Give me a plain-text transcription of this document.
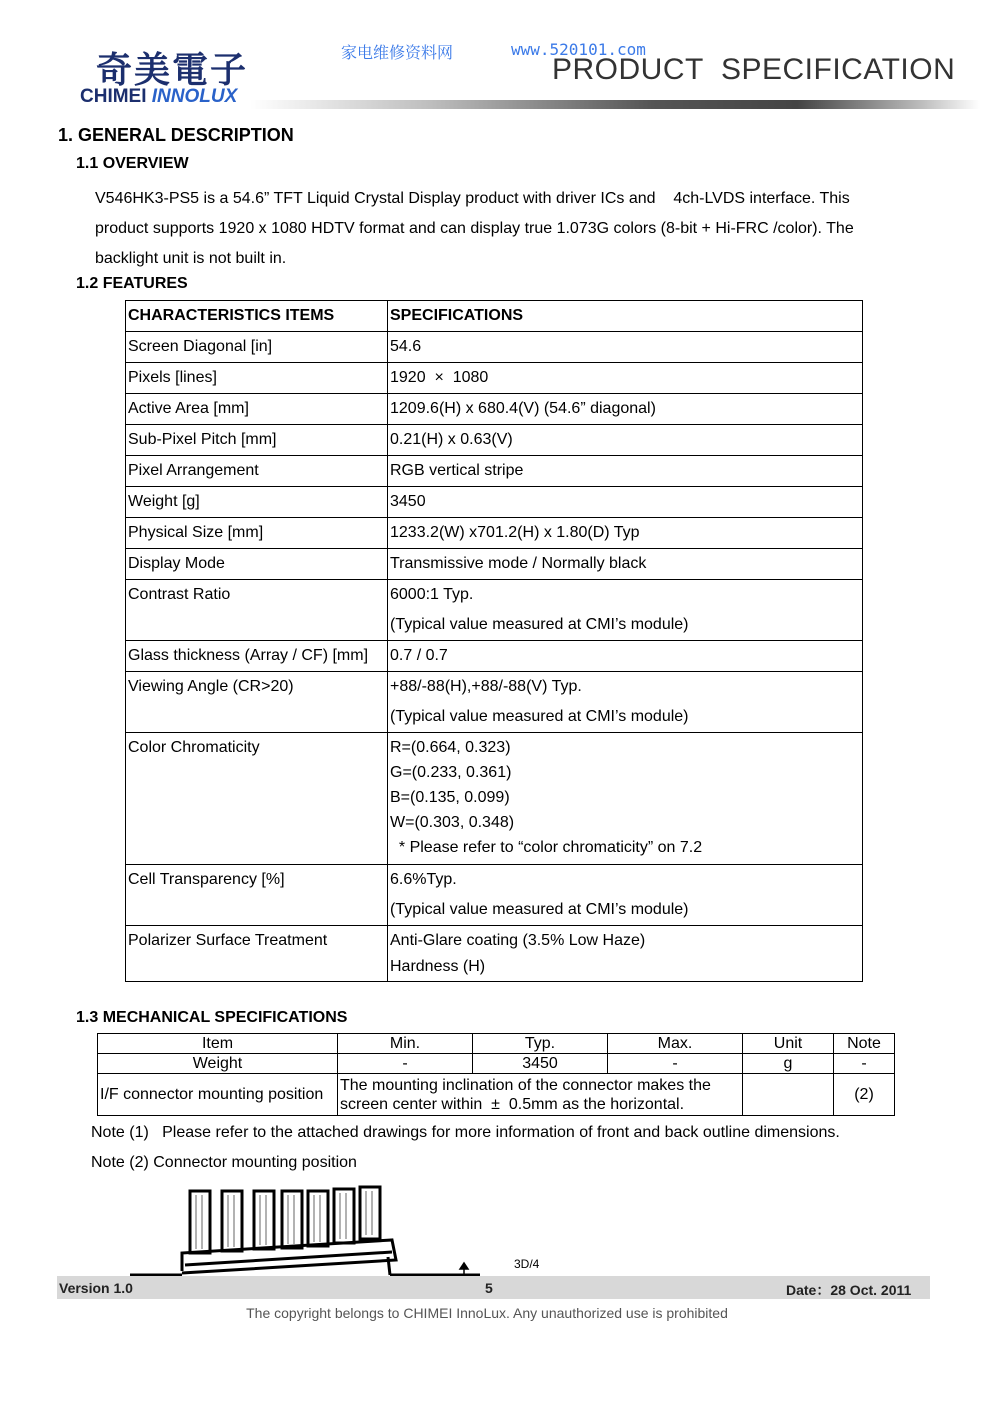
奇美電子
CHIMEI INNOLUX
家电维修资料网	www.520101.com
PRODUCT  SPECIFICATION
1. GENERAL DESCRIPTION
1.1 OVERVIEW
V546HK3-PS5 is a 54.6” TFT Liquid Crystal Display product with driver ICs and    4ch-LVDS interface. This
product supports 1920 x 1080 HDTV format and can display true 1.073G colors (8-bit + Hi-FRC /color). The
backlight unit is not built in.
1.2 FEATURES
CHARACTERISTICS ITEMS	SPECIFICATIONS
Screen Diagonal [in]	54.6
Pixels [lines]	1920  ×  1080
Active Area [mm]	1209.6(H) x 680.4(V) (54.6” diagonal)
Sub-Pixel Pitch [mm]	0.21(H) x 0.63(V)
Pixel Arrangement	RGB vertical stripe
Weight [g]	3450
Physical Size [mm]	1233.2(W) x701.2(H) x 1.80(D) Typ
Display Mode	Transmissive mode / Normally black
Contrast Ratio	6000:1 Typ.
(Typical value measured at CMI’s module)

Glass thickness (Array / CF) [mm]	0.7 / 0.7
Viewing Angle (CR>20)	+88/-88(H),+88/-88(V) Typ.
(Typical value measured at CMI’s module)

Color Chromaticity	R=(0.664, 0.323)
G=(0.233, 0.361)
B=(0.135, 0.099)
W=(0.303, 0.348)
* Please refer to “color chromaticity” on 7.2

Cell Transparency [%]	6.6%Typ.
(Typical value measured at CMI’s module)

Polarizer Surface Treatment	Anti-Glare coating (3.5% Low Haze)
Hardness (H)
1.3 MECHANICAL SPECIFICATIONS
Item	Min.	Typ.	Max.	Unit	Note
Weight	-	3450	-	g	-
I/F connector mounting position	The mounting inclination of the connector makes the
screen center within  ±  0.5mm as the horizontal.				(2)
Note (1)   Please refer to the attached drawings for more information of front and back outline dimensions.
Note (2) Connector mounting position
3D/4
Version 1.0	5	Date：28 Oct. 2011
The copyright belongs to CHIMEI InnoLux. Any unauthorized use is prohibited
